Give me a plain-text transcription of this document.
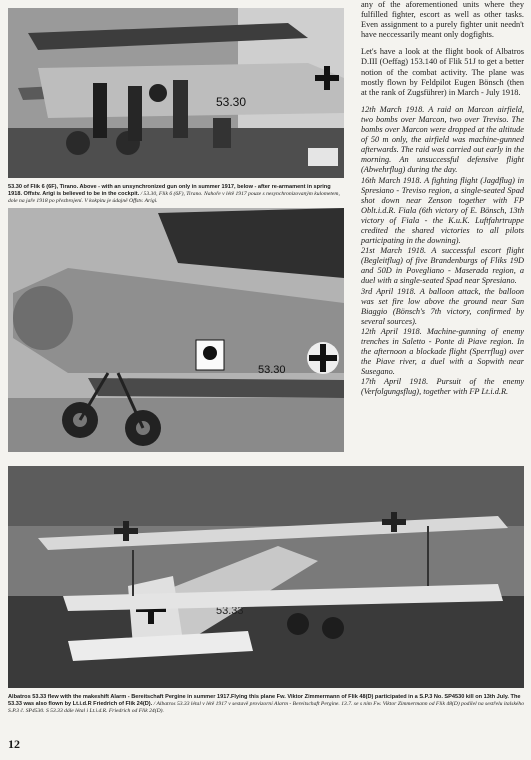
53.30
53.30 of Flik 6 (6F), Tirano. Above - with an unsynchronized gun only in summer 1917, below - after re-armament in spring 1918. Offstv. Arigi is believed to be in the cockpit. / 53.30, Flik 6 (6F), Tirano. Nahoře v létě 1917 pouze s nesynchronizovaným kulometem, dole na jaře 1918 po přezbrojení. V kokpitu je údajně Offstv. Arigi.
53.30

any of the aforementioned units where they fulfilled fighter, escort as well as other tasks. Even assignment to a purely fighter unit needn't have neccessarily meant only dogfights.

Let's have a look at the flight book of Albatros D.III (Oeffag) 153.140 of Flik 51J to get a better notion of the combat activity. The plane was mostly flown by Feldpilot Eugen Bönsch (then at the rank of Zugsführer) in March - July 1918.

12th March 1918. A raid on Marcon airfield, two bombs over Marcon, two over Treviso. The bombs over Marcon were dropped at the altitude of 50 m only, the airfield was machine-gunned afterwards. The raid was carried out early in the morning. An unsuccessful defensive flight (Abwehrflug) during the day.

16th March 1918. A fighting flight (Jagdflug) in Spresiano - Treviso region, a single-seated Spad shot down near Zenson together with FP Oblt.i.d.R. Fiala (6th victory of E. Bönsch, 13th victory of Fiala - the K.u.K. Luftfahrtruppe credited the shared victories to all pilots participating in the downing).

21st March 1918. A successful escort flight (Begleitflug) of five Brandenburgs of Fliks 19D and 50D in Povegliano - Maserada region, a duel with a single-seated Spad near Spresiano.

3rd April 1918. A balloon attack, the balloon was set fire low above the ground near San Biaggio (Bönsch's 7th victory, confirmed by several sources).

12th April 1918. Machine-gunning of enemy trenches in Saletto - Ponte di Piave region. In the afternoon a blockade flight (Sperrflug) over the Piave river, a duel with a Sopwith near Susegano.

17th April 1918. Pursuit of the enemy (Verfolgungsflug), together with FP Lt.i.d.R.

53.33
Albatros 53.33 flew with the makeshift Alarm - Bereitschaft Pergine in summer 1917.Flying this plane Fw. Viktor Zimmermann of Flik 48(D) participated in a S.P.3 No. SP4530 kill on 13th July. The 53.33 was also flown by Lt.i.d.R Friedrich of Flik 24(D). / Albatros 53.33 létal v létě 1917 v sestavě provizorní Alarm - Bereitschaft Pergine. 13.7. se s ním Fw. Viktor Zimmermann od Flik 48(D) podílel na sestřelu italského S.P.3 č. SP4530. S 53.33 dále létal i Lt.i.d.R. Friedrich od Flik 24(D).
12
